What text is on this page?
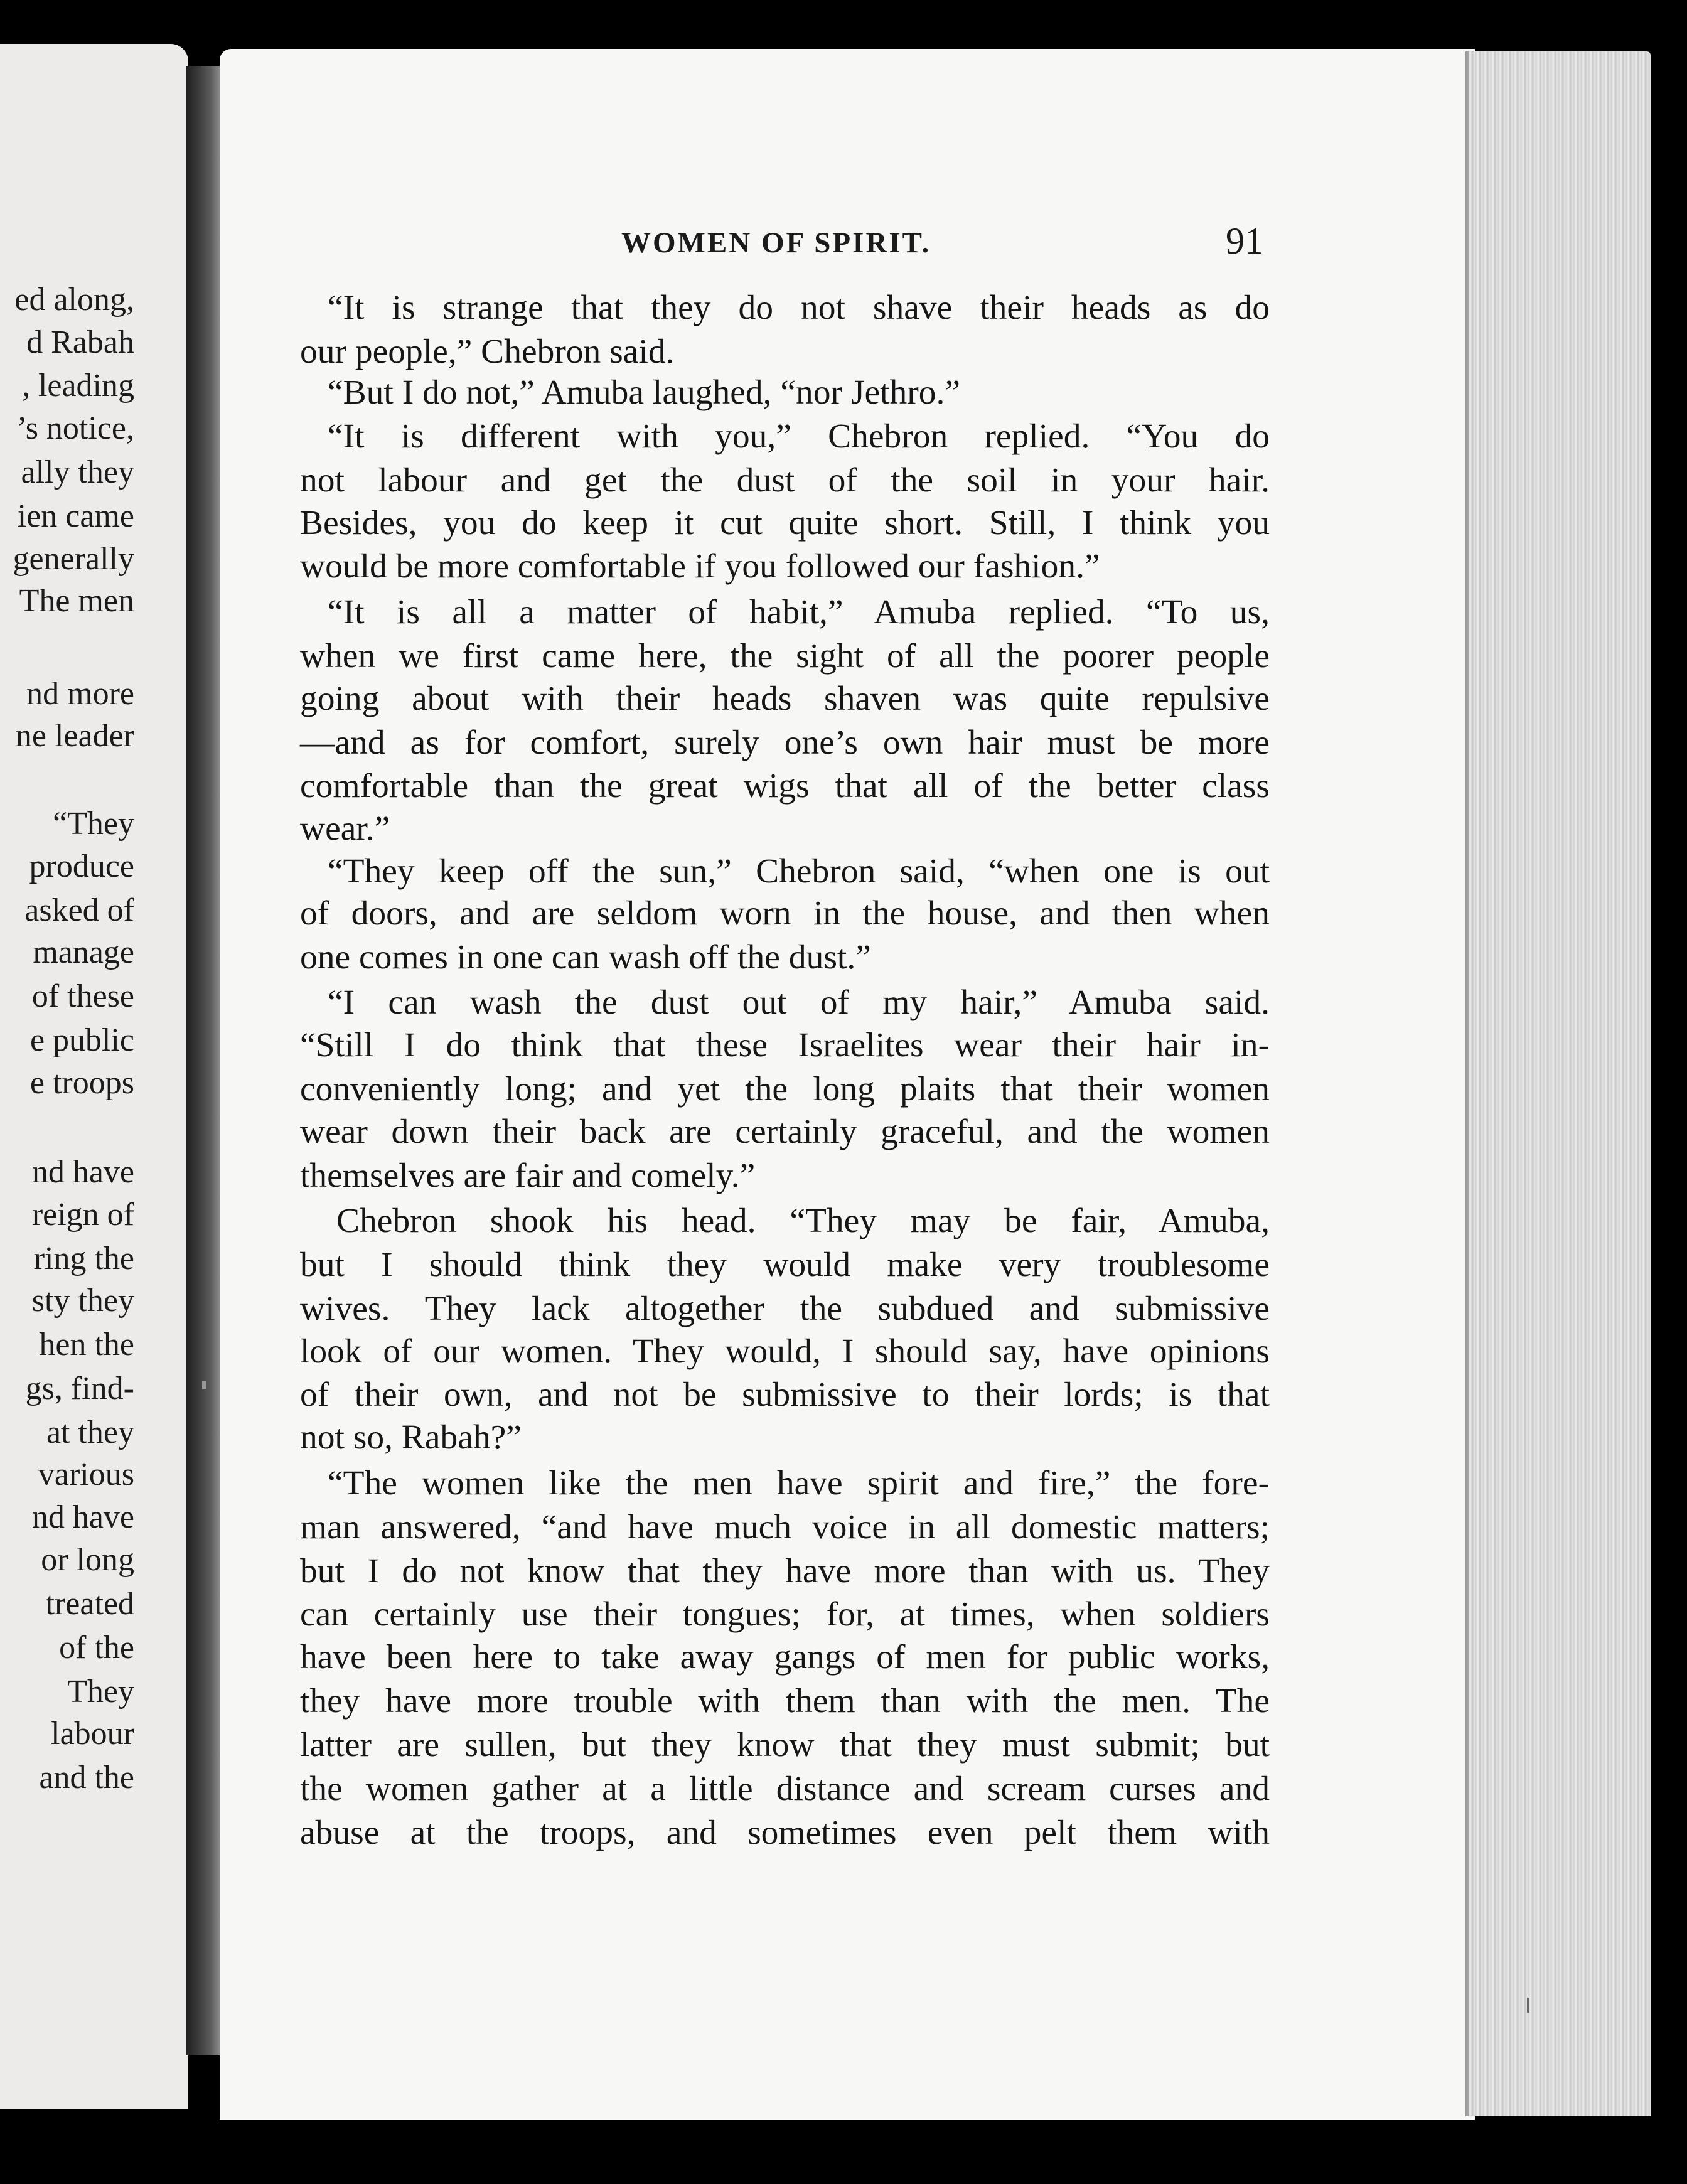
ed along,
d Rabah
, leading
’s notice,
ally they
ien came
generally
The men
nd more
ne leader
“They
produce
asked of
manage
of these
e public
e troops
nd have
reign of
ring the
sty they
hen the
gs, find-
at they
various
nd have
or long
treated
of the
They
labour
and the
WOMEN OF SPIRIT.	91
“It is strange that they do not shave their heads as do
our people,” Chebron said.
“But I do not,” Amuba laughed, “nor Jethro.”
“It is different with you,” Chebron replied. “You do
not labour and get the dust of the soil in your hair.
Besides, you do keep it cut quite short. Still, I think you
would be more comfortable if you followed our fashion.”
“It is all a matter of habit,” Amuba replied. “To us,
when we first came here, the sight of all the poorer people
going about with their heads shaven was quite repulsive
—and as for comfort, surely one’s own hair must be more
comfortable than the great wigs that all of the better class
wear.”
“They keep off the sun,” Chebron said, “when one is out
of doors, and are seldom worn in the house, and then when
one comes in one can wash off the dust.”
“I can wash the dust out of my hair,” Amuba said.
“Still I do think that these Israelites wear their hair in-
conveniently long; and yet the long plaits that their women
wear down their back are certainly graceful, and the women
themselves are fair and comely.”
Chebron shook his head. “They may be fair, Amuba,
but I should think they would make very troublesome
wives. They lack altogether the subdued and submissive
look of our women. They would, I should say, have opinions
of their own, and not be submissive to their lords; is that
not so, Rabah?”
“The women like the men have spirit and fire,” the fore-
man answered, “and have much voice in all domestic matters;
but I do not know that they have more than with us. They
can certainly use their tongues; for, at times, when soldiers
have been here to take away gangs of men for public works,
they have more trouble with them than with the men. The
latter are sullen, but they know that they must submit; but
the women gather at a little distance and scream curses and
abuse at the troops, and sometimes even pelt them with
